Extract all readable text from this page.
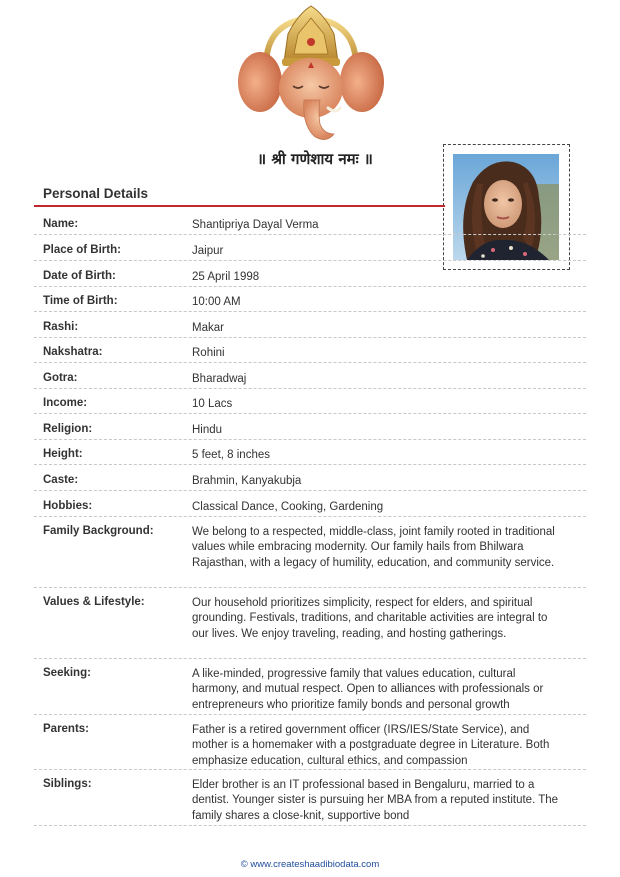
॥ श्री गणेशाय नमः ॥
Personal Details
Name:	Shantipriya Dayal Verma
Place of Birth:	Jaipur
Date of Birth:	25 April 1998
Time of Birth:	10:00 AM
Rashi:	Makar
Nakshatra:	Rohini
Gotra:	Bharadwaj
Income:	10 Lacs
Religion:	Hindu
Height:	5 feet, 8 inches
Caste:	Brahmin, Kanyakubja
Hobbies:	Classical Dance, Cooking, Gardening
Family Background:	We belong to a respected, middle-class, joint family rooted in traditional values while embracing modernity. Our family hails from Bhilwara Rajasthan, with a legacy of humility, education, and community service.
Values & Lifestyle:	Our household prioritizes simplicity, respect for elders, and spiritual grounding. Festivals, traditions, and charitable activities are integral to our lives. We enjoy traveling, reading, and hosting gatherings.
Seeking:	A like-minded, progressive family that values education, cultural harmony, and mutual respect. Open to alliances with professionals or entrepreneurs who prioritize family bonds and personal growth
Parents:	Father is a retired government officer (IRS/IES/State Service), and mother is a homemaker with a postgraduate degree in Literature. Both emphasize education, cultural ethics, and compassion
Siblings:	Elder brother is an IT professional based in Bengaluru, married to a dentist. Younger sister is pursuing her MBA from a reputed institute. The family shares a close-knit, supportive bond
© www.createshaadibiodata.com
